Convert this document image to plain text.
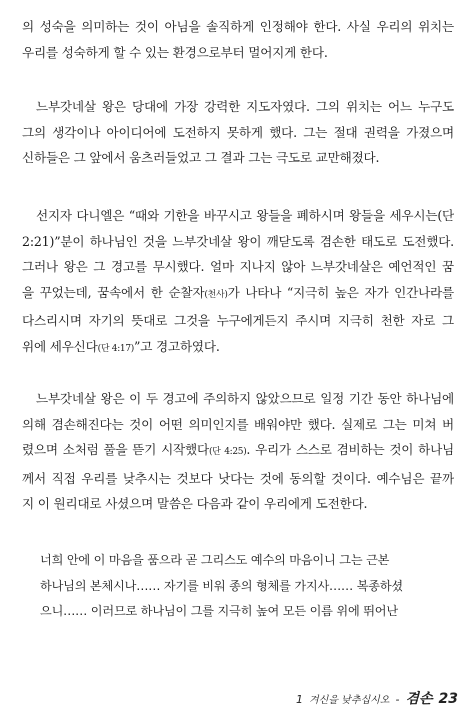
의 성숙을 의미하는 것이 아님을 솔직하게 인정해야 한다. 사실 우리의 위치는
우리를 성숙하게 할 수 있는 환경으로부터 멀어지게 한다.
느부갓네살 왕은 당대에 가장 강력한 지도자였다. 그의 위치는 어느 누구도
그의 생각이나 아이디어에 도전하지 못하게 했다. 그는 절대 권력을 가졌으며
신하들은 그 앞에서 움츠러들었고 그 결과 그는 극도로 교만해졌다.
선지자 다니엘은 “때와 기한을 바꾸시고 왕들을 폐하시며 왕들을 세우시는(단
2:21)”분이 하나님인 것을 느부갓네살 왕이 깨닫도록 겸손한 태도로 도전했다.
그러나 왕은 그 경고를 무시했다. 얼마 지나지 않아 느부갓네살은 예언적인 꿈
을 꾸었는데, 꿈속에서 한 순찰자(천사)가 나타나 “지극히 높은 자가 인간나라를
다스리시며 자기의 뜻대로 그것을 누구에게든지 주시며 지극히 천한 자로 그
위에 세우신다(단 4:17)”고 경고하였다.
느부갓네살 왕은 이 두 경고에 주의하지 않았으므로 일정 기간 동안 하나님에
의해 겸손해진다는 것이 어떤 의미인지를 배워야만 했다. 실제로 그는 미쳐 버
렸으며 소처럼 풀을 뜯기 시작했다(단 4:25). 우리가 스스로 겸비하는 것이 하나님
께서 직접 우리를 낮추시는 것보다 낫다는 것에 동의할 것이다. 예수님은 끝까
지 이 원리대로 사셨으며 말씀은 다음과 같이 우리에게 도전한다.
너희 안에 이 마음을 품으라 곧 그리스도 예수의 마음이니 그는 근본
하나님의 본체시나…… 자기를 비워 종의 형체를 가지사…… 복종하셨
으니…… 이러므로 하나님이 그를 지극히 높여 모든 이름 위에 뛰어난
1 겨신을 낮추십시오 - 겸손 23
